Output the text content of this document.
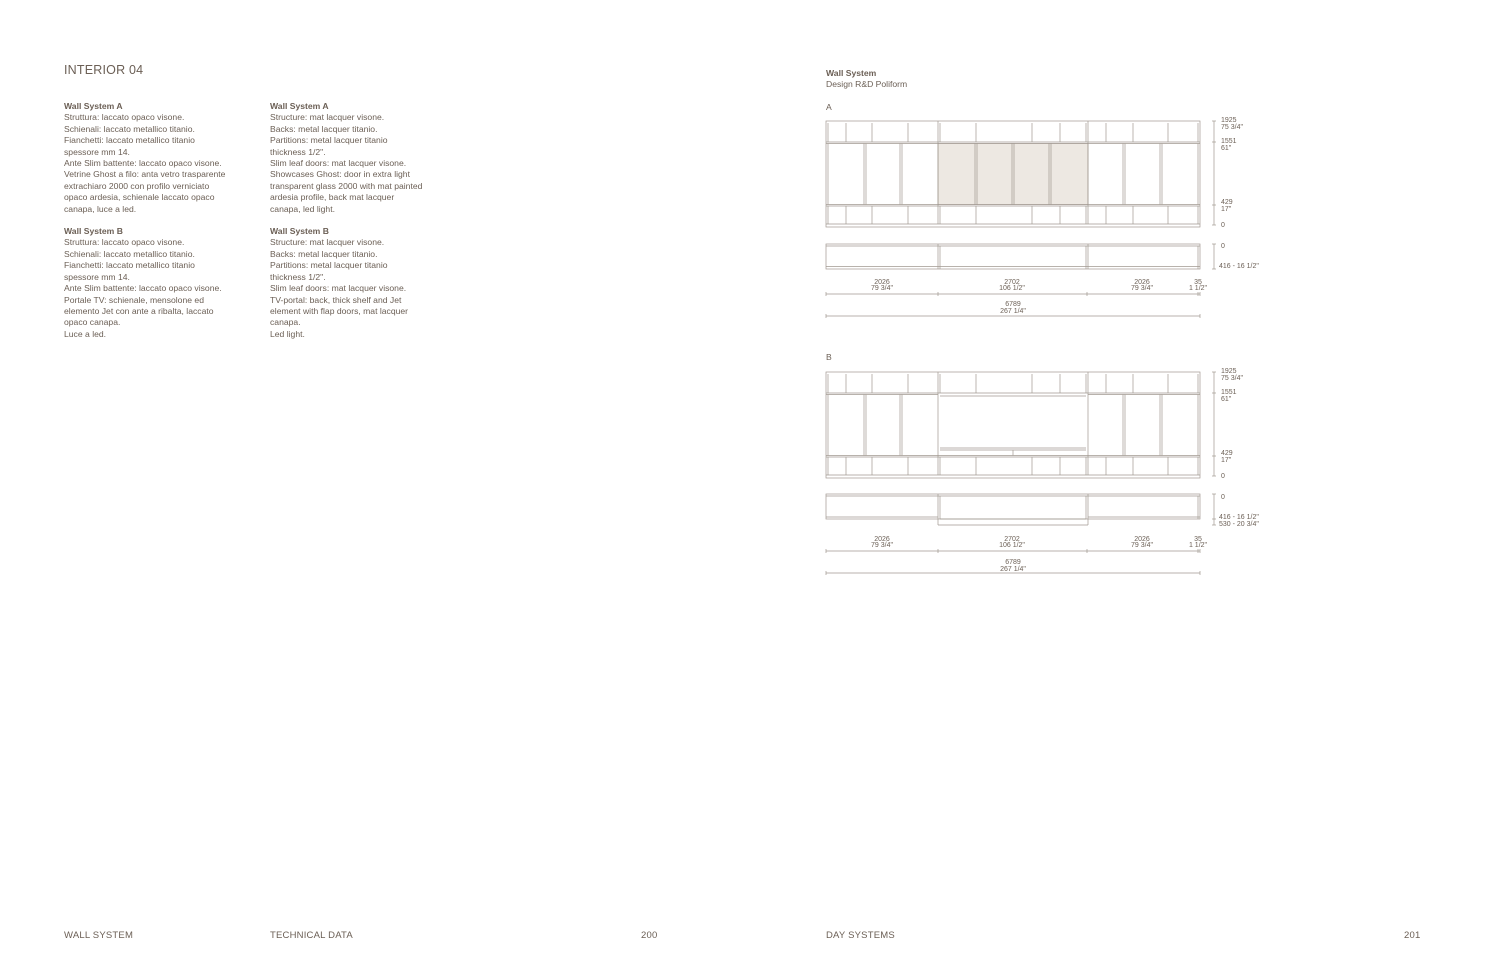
INTERIOR 04

Wall System A

Struttura: laccato opaco visone.
Schienali: laccato metallico titanio.
Fianchetti: laccato metallico titanio
spessore mm 14.
Ante Slim battente: laccato opaco visone.
Vetrine Ghost a filo: anta vetro trasparente
extrachiaro 2000 con profilo verniciato
opaco ardesia, schienale laccato opaco
canapa, luce a led.

Wall System B

Struttura: laccato opaco visone.
Schienali: laccato metallico titanio.
Fianchetti: laccato metallico titanio
spessore mm 14.
Ante Slim battente: laccato opaco visone.
Portale TV: schienale, mensolone ed
elemento Jet con ante a ribalta, laccato
opaco canapa.
Luce a led.

Wall System A

Structure: mat lacquer visone.
Backs: metal lacquer titanio.
Partitions: metal lacquer titanio
thickness 1/2".
Slim leaf doors: mat lacquer visone.
Showcases Ghost: door in extra light
transparent glass 2000 with mat painted
ardesia profile, back mat lacquer
canapa, led light.

Wall System B

Structure: mat lacquer visone.
Backs: metal lacquer titanio.
Partitions: metal lacquer titanio
thickness 1/2".
Slim leaf doors: mat lacquer visone.
TV-portal: back, thick shelf and Jet
element with flap doors, mat lacquer
canapa.
Led light.
Wall System
Design R&D Poliform
A
B
1925
75 3/4"
1551
61"
429
17"
0
0
416 - 16 1/2"
2026
79 3/4"
2702
106 1/2"
2026
79 3/4"
35
1 1/2"
6789
267 1/4"
1925
75 3/4"
1551
61"
429
17"
0
0
416 - 16 1/2"
530 - 20 3/4"
2026
79 3/4"
2702
106 1/2"
2026
79 3/4"
35
1 1/2"
6789
267 1/4"
WALL SYSTEM	TECHNICAL DATA	200	DAY SYSTEMS	201
